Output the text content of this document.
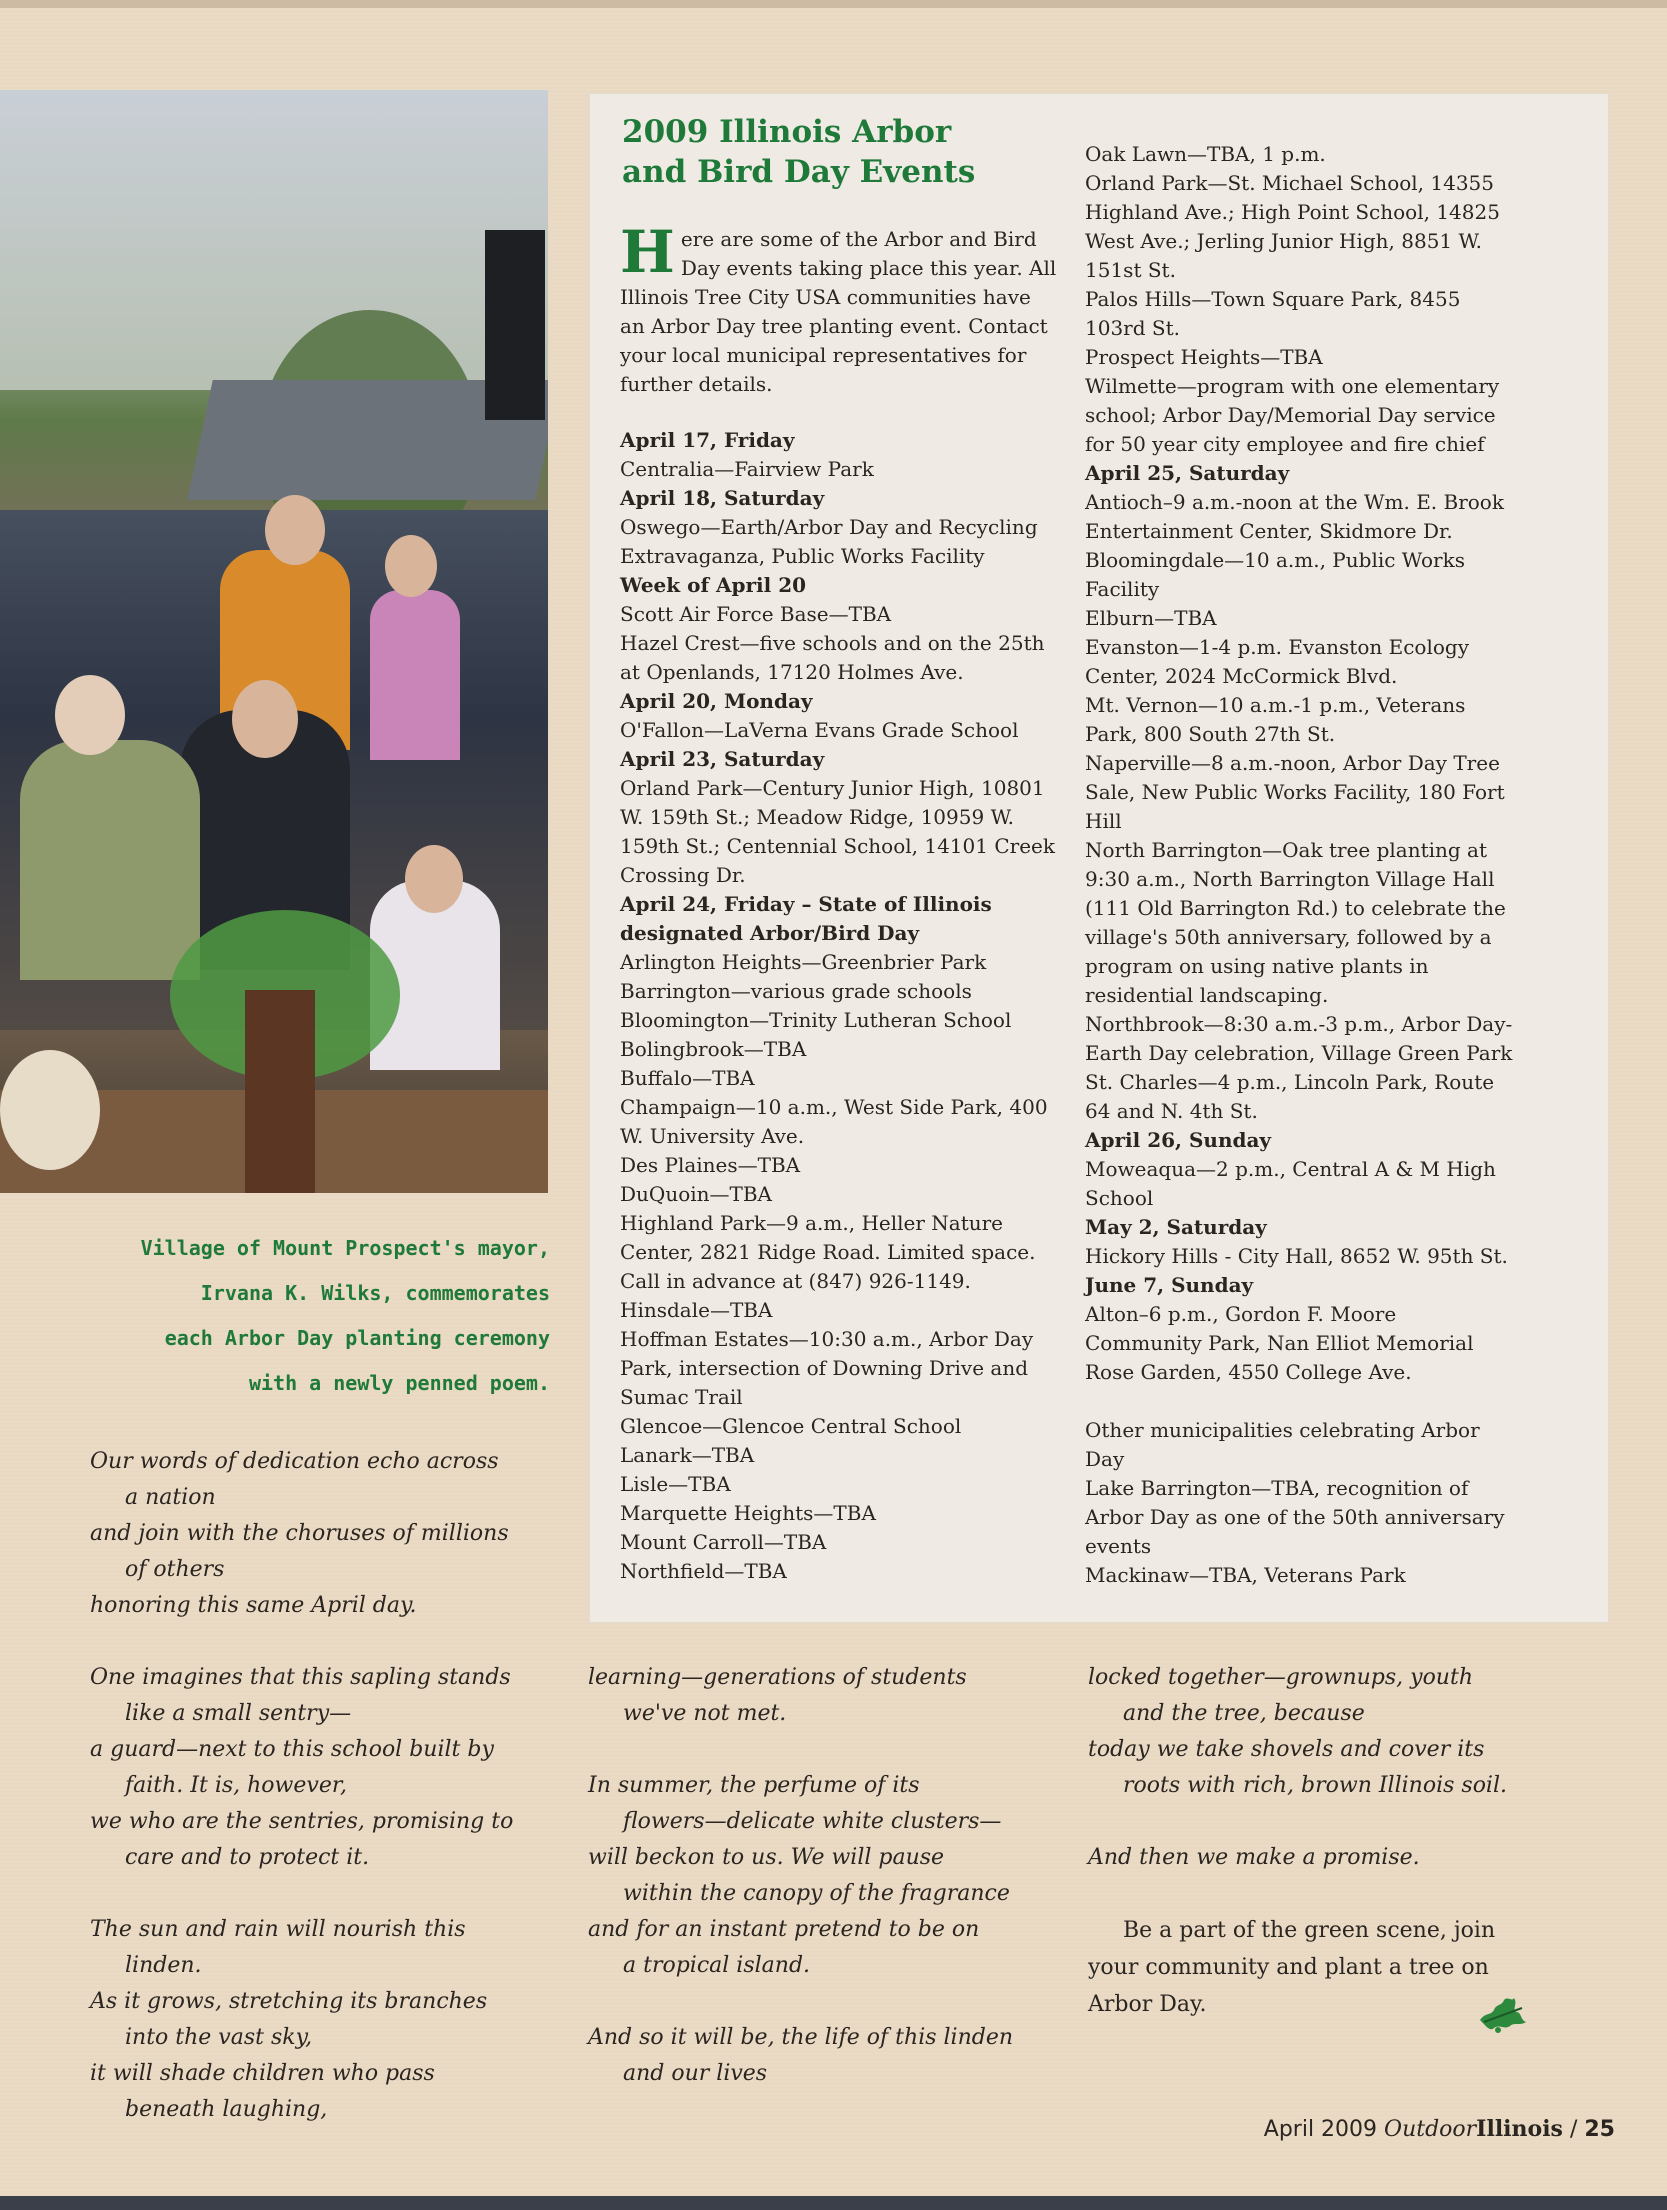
Village of Mount Prospect's mayor,
Irvana K. Wilks, commemorates
each Arbor Day planting ceremony
with a newly penned poem.
2009 Illinois Arbor
and Bird Day Events
Here are some of the Arbor and Bird Day events taking place this year. All Illinois Tree City USA communities have an Arbor Day tree planting event. Contact your local municipal representatives for further details.
April 17, Friday
Centralia—Fairview Park
April 18, Saturday
Oswego—Earth/Arbor Day and Recycling Extravaganza, Public Works Facility
Week of April 20
Scott Air Force Base—TBA
Hazel Crest—five schools and on the 25th at Openlands, 17120 Holmes Ave.
April 20, Monday
O'Fallon—LaVerna Evans Grade School
April 23, Saturday
Orland Park—Century Junior High, 10801 W. 159th St.; Meadow Ridge, 10959 W. 159th St.; Centennial School, 14101 Creek Crossing Dr.
April 24, Friday – State of Illinois designated Arbor/Bird Day
Arlington Heights—Greenbrier Park
Barrington—various grade schools
Bloomington—Trinity Lutheran School
Bolingbrook—TBA
Buffalo—TBA
Champaign—10 a.m., West Side Park, 400 W. University Ave.
Des Plaines—TBA
DuQuoin—TBA
Highland Park—9 a.m., Heller Nature Center, 2821 Ridge Road. Limited space. Call in advance at (847) 926-1149.
Hinsdale—TBA
Hoffman Estates—10:30 a.m., Arbor Day Park, intersection of Downing Drive and Sumac Trail
Glencoe—Glencoe Central School
Lanark—TBA
Lisle—TBA
Marquette Heights—TBA
Mount Carroll—TBA
Northfield—TBA
Oak Lawn—TBA, 1 p.m.
Orland Park—St. Michael School, 14355 Highland Ave.; High Point School, 14825 West Ave.; Jerling Junior High, 8851 W. 151st St.
Palos Hills—Town Square Park, 8455 103rd St.
Prospect Heights—TBA
Wilmette—program with one elementary school; Arbor Day/Memorial Day service for 50 year city employee and fire chief
April 25, Saturday
Antioch–9 a.m.-noon at the Wm. E. Brook Entertainment Center, Skidmore Dr.
Bloomingdale—10 a.m., Public Works Facility
Elburn—TBA
Evanston—1-4 p.m. Evanston Ecology Center, 2024 McCormick Blvd.
Mt. Vernon—10 a.m.-1 p.m., Veterans Park, 800 South 27th St.
Naperville—8 a.m.-noon, Arbor Day Tree Sale, New Public Works Facility, 180 Fort Hill
North Barrington—Oak tree planting at 9:30 a.m., North Barrington Village Hall (111 Old Barrington Rd.) to celebrate the village's 50th anniversary, followed by a program on using native plants in residential landscaping.
Northbrook—8:30 a.m.-3 p.m., Arbor Day-Earth Day celebration, Village Green Park
St. Charles—4 p.m., Lincoln Park, Route 64 and N. 4th St.
April 26, Sunday
Moweaqua—2 p.m., Central A & M High School
May 2, Saturday
Hickory Hills - City Hall, 8652 W. 95th St.
June 7, Sunday
Alton–6 p.m., Gordon F. Moore Community Park, Nan Elliot Memorial Rose Garden, 4550 College Ave.
Other municipalities celebrating Arbor Day
Lake Barrington—TBA, recognition of Arbor Day as one of the 50th anniversary events
Mackinaw—TBA, Veterans Park
Our words of dedication echo across
a nation
and join with the choruses of millions
of others
honoring this same April day.
One imagines that this sapling stands
like a small sentry—
a guard—next to this school built by
faith. It is, however,
we who are the sentries, promising to
care and to protect it.
The sun and rain will nourish this
linden.
As it grows, stretching its branches
into the vast sky,
it will shade children who pass
beneath laughing,
learning—generations of students
we've not met.
In summer, the perfume of its
flowers—delicate white clusters—
will beckon to us. We will pause
within the canopy of the fragrance
and for an instant pretend to be on
a tropical island.
And so it will be, the life of this linden
and our lives
locked together—grownups, youth
and the tree, because
today we take shovels and cover its
roots with rich, brown Illinois soil.
And then we make a promise.
Be a part of the green scene, join your community and plant a tree on Arbor Day.
April 2009 OutdoorIllinois / 25
